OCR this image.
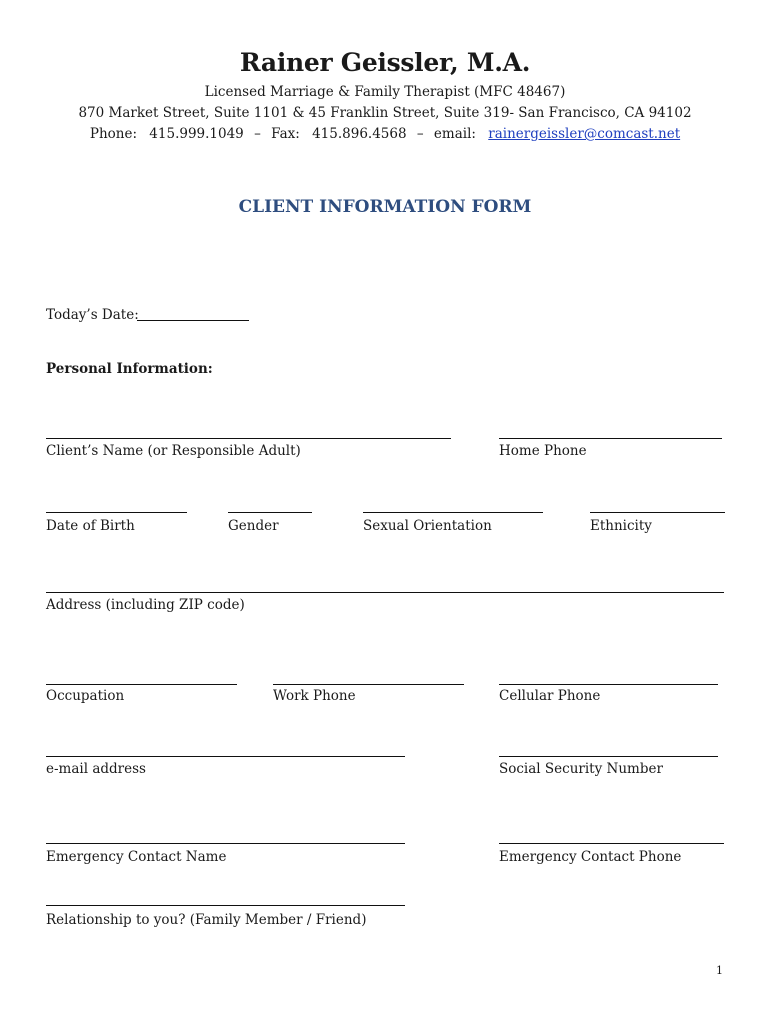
Rainer Geissler, M.A.
Licensed Marriage & Family Therapist (MFC 48467)
870 Market Street, Suite 1101 & 45 Franklin Street, Suite 319- San Francisco, CA 94102
Phone: 415.999.1049 – Fax: 415.896.4568 – email: rainergeissler@comcast.net
CLIENT INFORMATION FORM
Today’s Date:
Personal Information:
Client’s Name (or Responsible Adult)	Home Phone
Date of Birth	Gender	Sexual Orientation	Ethnicity
Address (including ZIP code)
Occupation	Work Phone	Cellular Phone
e-mail address	Social Security Number
Emergency Contact Name	Emergency Contact Phone
Relationship to you? (Family Member / Friend)
1
